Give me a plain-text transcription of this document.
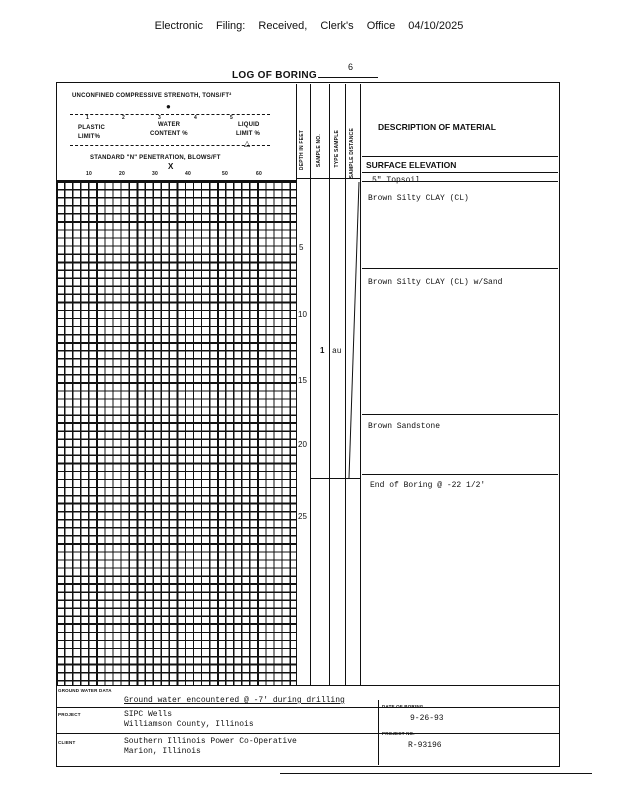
Electronic Filing: Received, Clerk's Office 04/10/2025
LOG OF BORING
6
UNCONFINED COMPRESSIVE STRENGTH, TONS/FT²
●
1	2	3	4	5
PLASTIC
LIMIT%
WATER
CONTENT %
LIQUID
LIMIT %
△
STANDARD "N" PENETRATION, BLOWS/FT
X
10	20	30	40	50	60
DEPTH IN FEET SAMPLE NO. TYPE SAMPLE SAMPLE DISTANCE
DESCRIPTION OF MATERIAL
SURFACE ELEVATION
5" Topsoil
Brown Silty CLAY (CL)
Brown Silty CLAY (CL) w/Sand
Brown Sandstone
End of Boring @ -22 1/2'
5
10
15
20
25
1 au
GROUND WATER DATA
Ground water encountered @ -7' during drilling
PROJECT	SIPC Wells
Williamson County, Illinois
DATE OF BORING
9-26-93
CLIENT	Southern Illinois Power Co-Operative
Marion, Illinois
PROJECT NO.
R-93196
